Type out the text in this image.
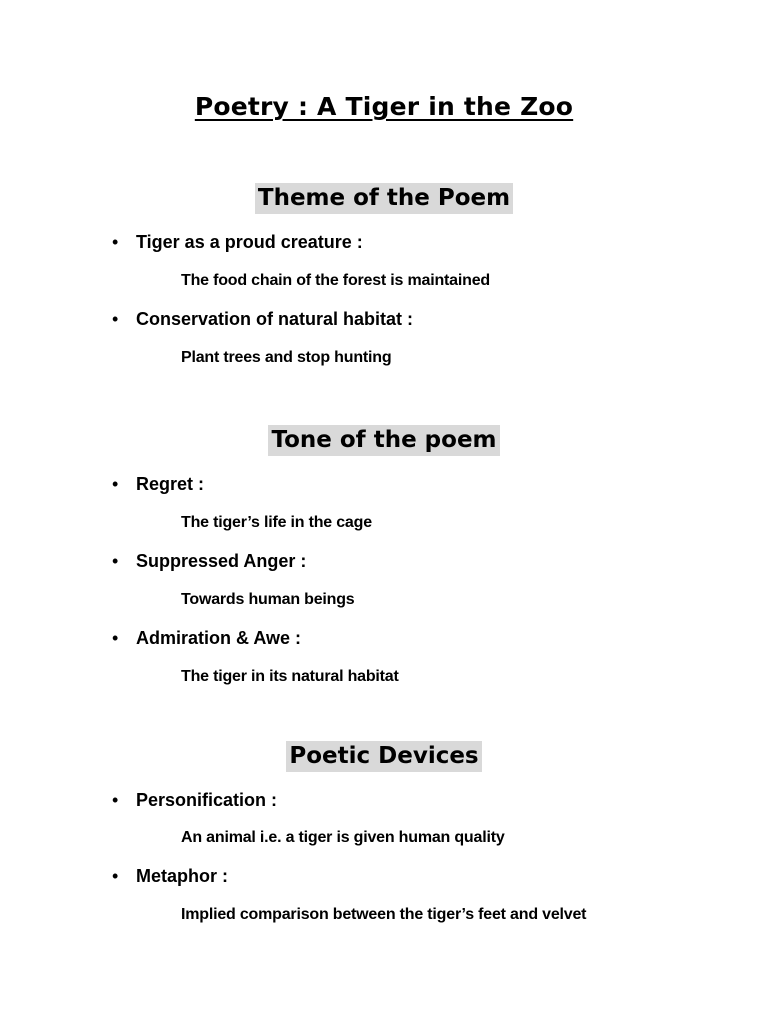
Poetry : A Tiger in the Zoo
Theme of the Poem
• Tiger as a proud creature :
The food chain of the forest is maintained
• Conservation of natural habitat :
Plant trees and stop hunting
Tone of the poem
• Regret :
The tiger’s life in the cage
• Suppressed Anger :
Towards human beings
• Admiration & Awe :
The tiger in its natural habitat
Poetic Devices
• Personification :
An animal i.e. a tiger is given human quality
• Metaphor :
Implied comparison between the tiger’s feet and velvet
